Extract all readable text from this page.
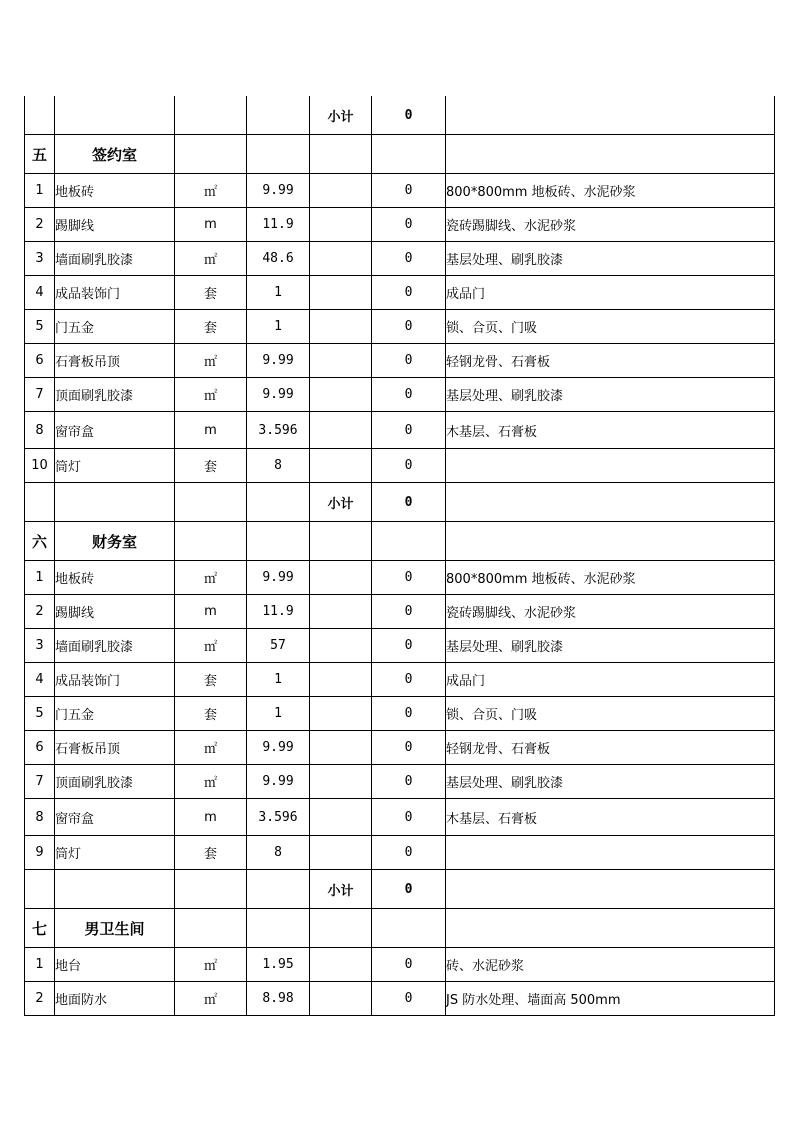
				小计	0	
五	签约室					
1	地板砖	㎡	9.99		0	800*800mm 地板砖、水泥砂浆
2	踢脚线	m	11.9		0	瓷砖踢脚线、水泥砂浆
3	墙面刷乳胶漆	㎡	48.6		0	基层处理、刷乳胶漆
4	成品装饰门	套	1		0	成品门
5	门五金	套	1		0	锁、合页、门吸
6	石膏板吊顶	㎡	9.99		0	轻钢龙骨、石膏板
7	顶面刷乳胶漆	㎡	9.99		0	基层处理、刷乳胶漆
8	窗帘盒	m	3.596		0	木基层、石膏板
10	筒灯	套	8		0	
				小计	0	
六	财务室					
1	地板砖	㎡	9.99		0	800*800mm 地板砖、水泥砂浆
2	踢脚线	m	11.9		0	瓷砖踢脚线、水泥砂浆
3	墙面刷乳胶漆	㎡	57		0	基层处理、刷乳胶漆
4	成品装饰门	套	1		0	成品门
5	门五金	套	1		0	锁、合页、门吸
6	石膏板吊顶	㎡	9.99		0	轻钢龙骨、石膏板
7	顶面刷乳胶漆	㎡	9.99		0	基层处理、刷乳胶漆
8	窗帘盒	m	3.596		0	木基层、石膏板
9	筒灯	套	8		0	
				小计	0	
七	男卫生间					
1	地台	㎡	1.95		0	砖、水泥砂浆
2	地面防水	㎡	8.98		0	JS 防水处理、墙面高 500mm
